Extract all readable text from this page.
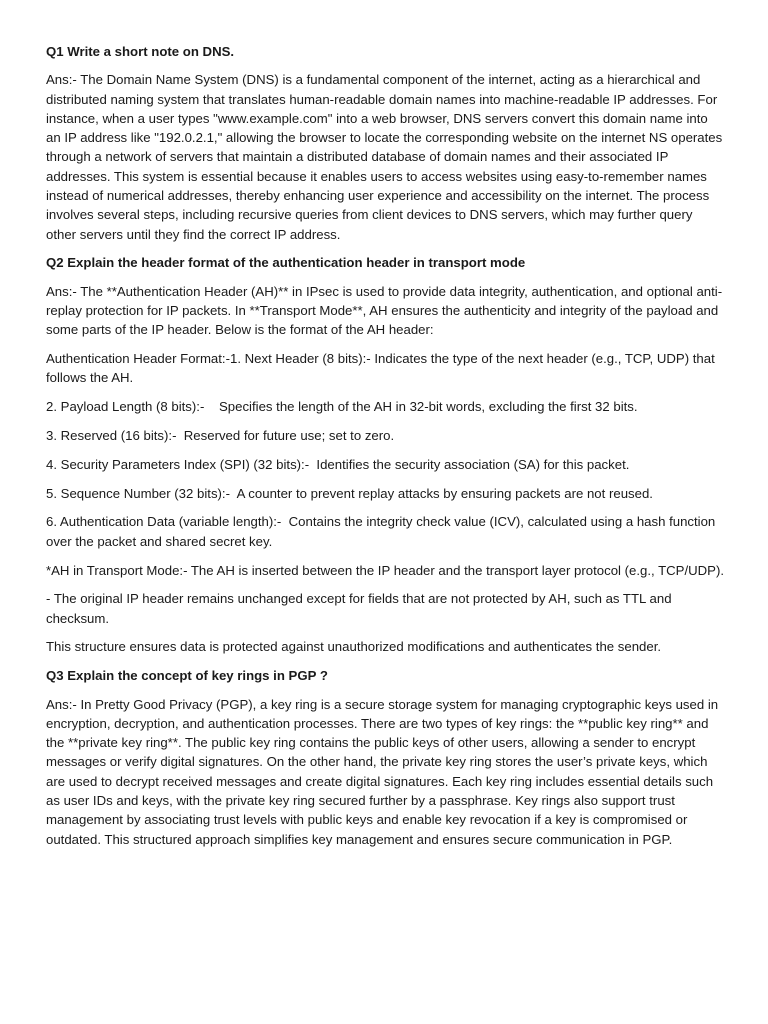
Q1 Write a short note on DNS.
Ans:- The Domain Name System (DNS) is a fundamental component of the internet, acting as a hierarchical and distributed naming system that translates human-readable domain names into machine-readable IP addresses. For instance, when a user types "www.example.com" into a web browser, DNS servers convert this domain name into an IP address like "192.0.2.1," allowing the browser to locate the corresponding website on the internet NS operates through a network of servers that maintain a distributed database of domain names and their associated IP addresses. This system is essential because it enables users to access websites using easy-to-remember names instead of numerical addresses, thereby enhancing user experience and accessibility on the internet. The process involves several steps, including recursive queries from client devices to DNS servers, which may further query other servers until they find the correct IP address.
Q2 Explain the header format of the authentication header in transport mode
Ans:- The **Authentication Header (AH)** in IPsec is used to provide data integrity, authentication, and optional anti-replay protection for IP packets. In **Transport Mode**, AH ensures the authenticity and integrity of the payload and some parts of the IP header. Below is the format of the AH header:
Authentication Header Format:-1. Next Header (8 bits):- Indicates the type of the next header (e.g., TCP, UDP) that follows the AH.
2. Payload Length (8 bits):-    Specifies the length of the AH in 32-bit words, excluding the first 32 bits.
3. Reserved (16 bits):-  Reserved for future use; set to zero.
4. Security Parameters Index (SPI) (32 bits):-  Identifies the security association (SA) for this packet.
5. Sequence Number (32 bits):-  A counter to prevent replay attacks by ensuring packets are not reused.
6. Authentication Data (variable length):-  Contains the integrity check value (ICV), calculated using a hash function over the packet and shared secret key.
*AH in Transport Mode:- The AH is inserted between the IP header and the transport layer protocol (e.g., TCP/UDP).
- The original IP header remains unchanged except for fields that are not protected by AH, such as TTL and checksum.
This structure ensures data is protected against unauthorized modifications and authenticates the sender.
Q3 Explain the concept of key rings in PGP ?
Ans:- In Pretty Good Privacy (PGP), a key ring is a secure storage system for managing cryptographic keys used in encryption, decryption, and authentication processes. There are two types of key rings: the **public key ring** and the **private key ring**. The public key ring contains the public keys of other users, allowing a sender to encrypt messages or verify digital signatures. On the other hand, the private key ring stores the user’s private keys, which are used to decrypt received messages and create digital signatures. Each key ring includes essential details such as user IDs and keys, with the private key ring secured further by a passphrase. Key rings also support trust management by associating trust levels with public keys and enable key revocation if a key is compromised or outdated. This structured approach simplifies key management and ensures secure communication in PGP.
